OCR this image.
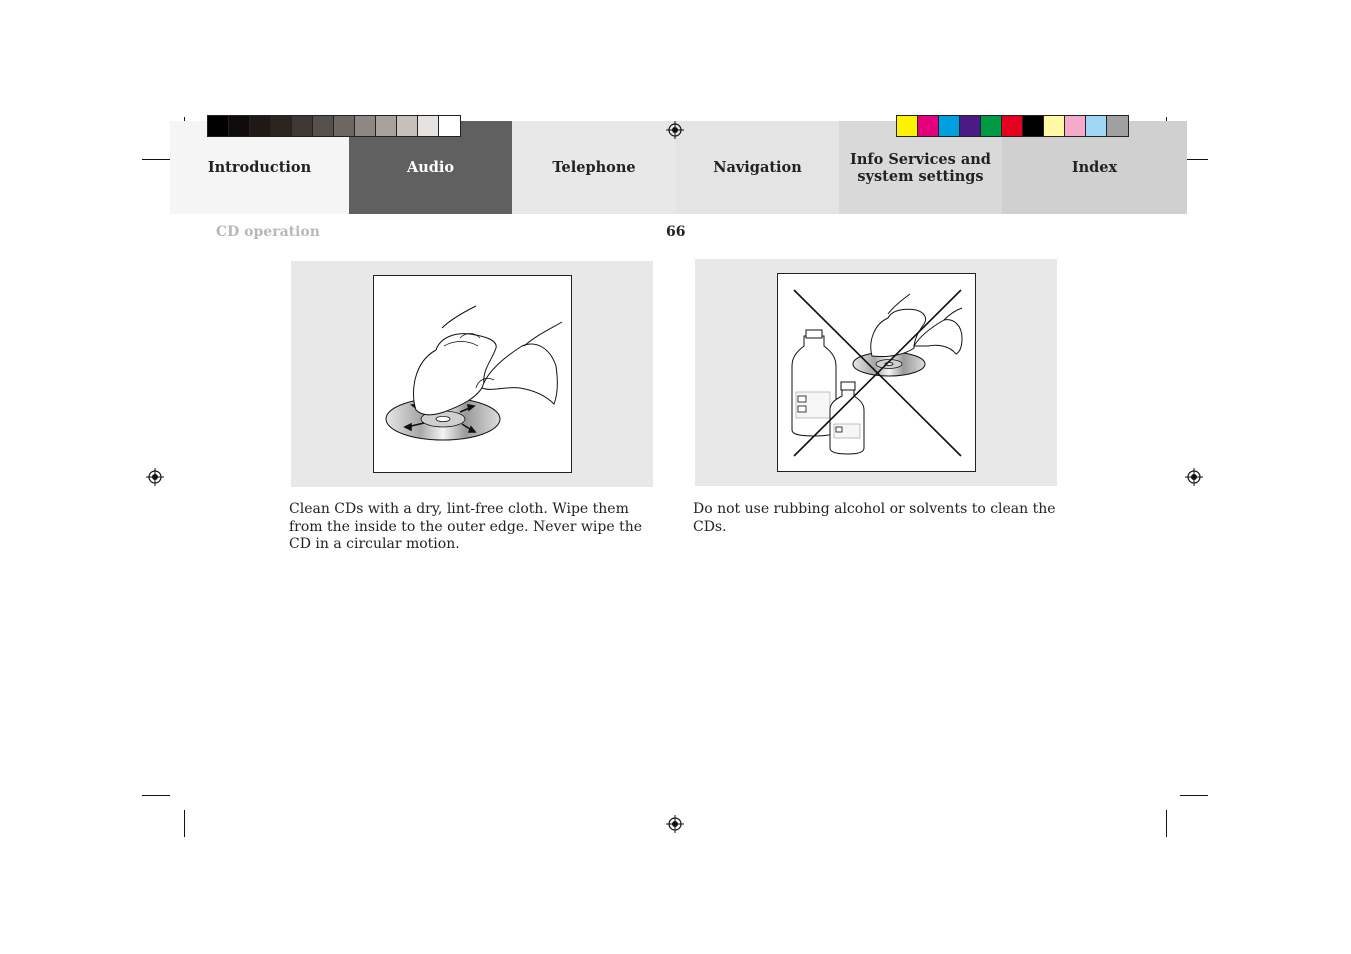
Introduction	Audio	Telephone	Navigation	Info Services and
system settings	Index
CD operation	66
Clean CDs with a dry, lint-free cloth. Wipe them from the inside to the outer edge. Never wipe the CD in a circular motion.
Do not use rubbing alcohol or solvents to clean the CDs.
